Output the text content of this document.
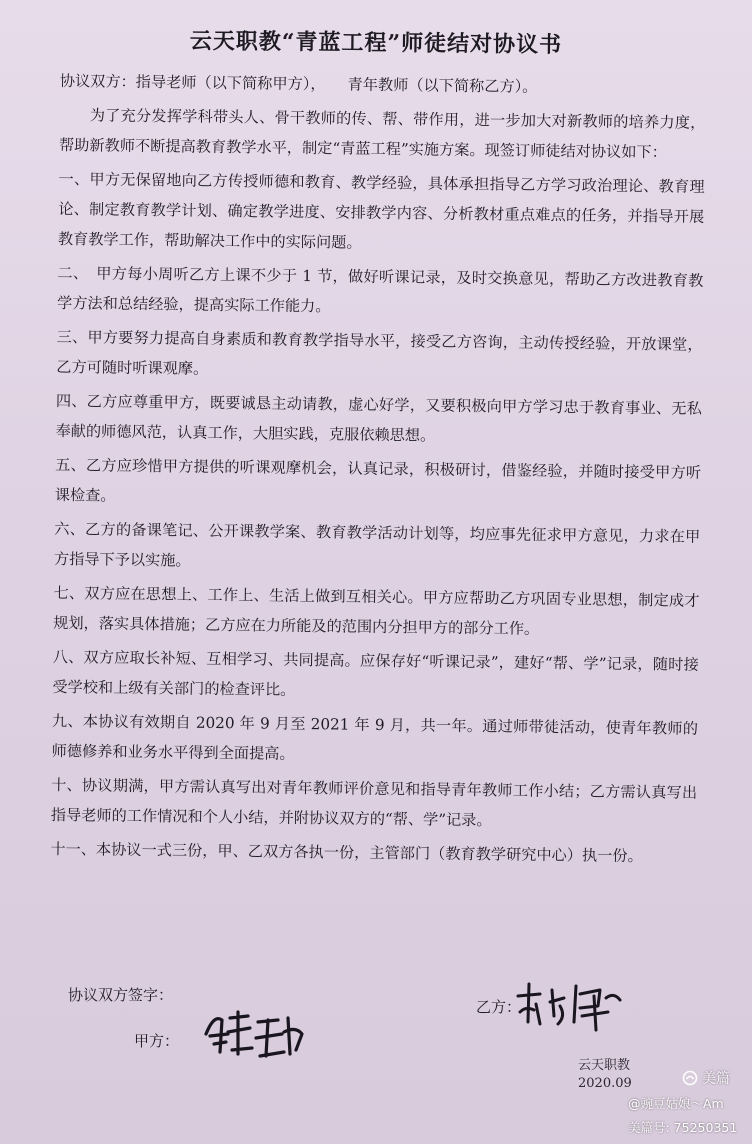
云天职教“青蓝工程”师徒结对协议书

协议双方：指导老师（以下简称甲方）， 青年教师（以下简称乙方）。

为了充分发挥学科带头人、骨干教师的传、帮、带作用，进一步加大对新教师的培养力度，帮助新教师不断提高教育教学水平，制定“青蓝工程”实施方案。现签订师徒结对协议如下：

一、甲方无保留地向乙方传授师德和教育、教学经验，具体承担指导乙方学习政治理论、教育理论、制定教育教学计划、确定教学进度、安排教学内容、分析教材重点难点的任务，并指导开展教育教学工作，帮助解决工作中的实际问题。

二、　甲方每小周听乙方上课不少于 1 节，做好听课记录，及时交换意见，帮助乙方改进教育教学方法和总结经验，提高实际工作能力。

三、甲方要努力提高自身素质和教育教学指导水平，接受乙方咨询，主动传授经验，开放课堂，乙方可随时听课观摩。

四、乙方应尊重甲方，既要诚恳主动请教，虚心好学，又要积极向甲方学习忠于教育事业、无私奉献的师德风范，认真工作，大胆实践，克服依赖思想。

五、乙方应珍惜甲方提供的听课观摩机会，认真记录，积极研讨，借鉴经验，并随时接受甲方听课检查。

六、乙方的备课笔记、公开课教学案、教育教学活动计划等，均应事先征求甲方意见，力求在甲方指导下予以实施。

七、双方应在思想上、工作上、生活上做到互相关心。甲方应帮助乙方巩固专业思想，制定成才规划，落实具体措施；乙方应在力所能及的范围内分担甲方的部分工作。

八、双方应取长补短、互相学习、共同提高。应保存好“听课记录”，建好“帮、学”记录，随时接受学校和上级有关部门的检查评比。

九、本协议有效期自 2020 年 9 月至 2021 年 9 月，共一年。通过师带徒活动，使青年教师的师德修养和业务水平得到全面提高。

十、协议期满，甲方需认真写出对青年教师评价意见和指导青年教师工作小结；乙方需认真写出指导老师的工作情况和个人小结，并附协议双方的“帮、学”记录。

十一、本协议一式三份，甲、乙双方各执一份，主管部门（教育教学研究中心）执一份。

协议双方签字：
乙方：
甲方：
云天职教
2020.09	美篇
@豌豆姑娘～Am
美篇号: 75250351
